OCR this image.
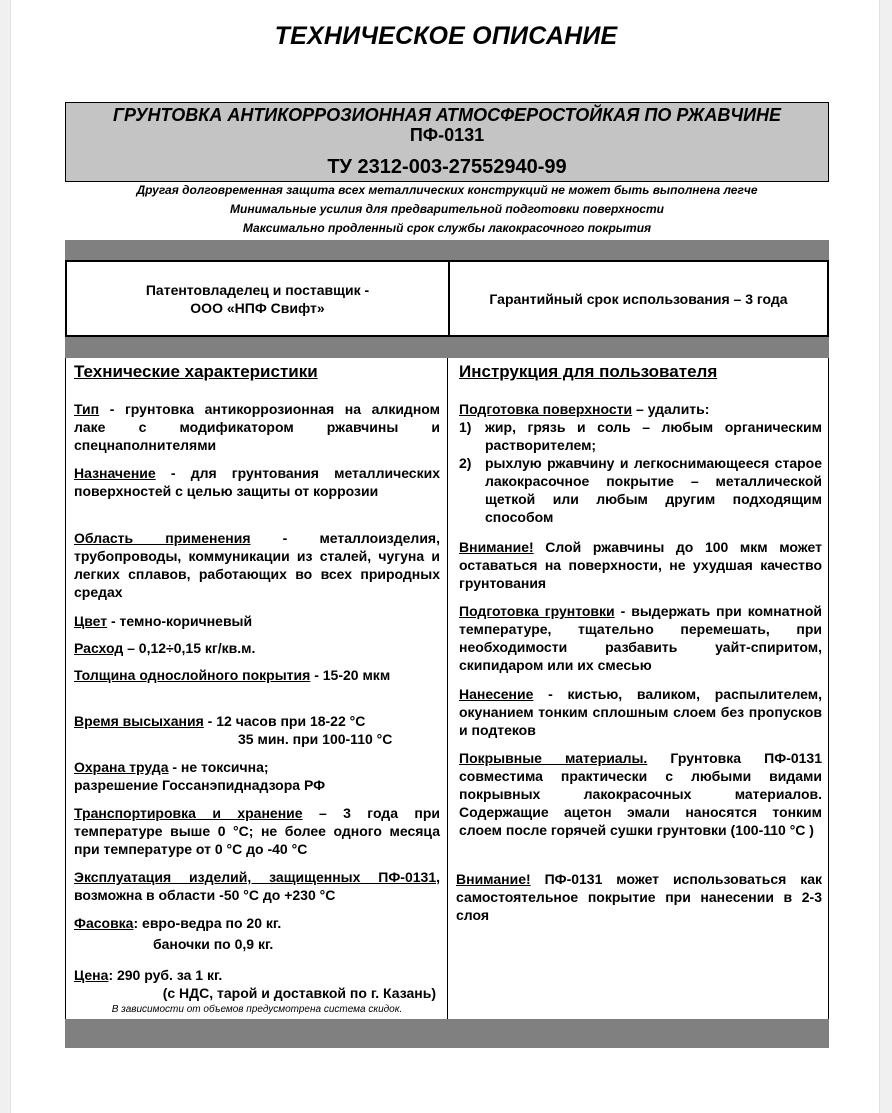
ТЕХНИЧЕСКОЕ ОПИСАНИЕ
ГРУНТОВКА АНТИКОРРОЗИОННАЯ АТМОСФЕРОСТОЙКАЯ ПО РЖАВЧИНЕ
ПФ-0131
ТУ 2312-003-27552940-99
Другая долговременная защита всех металлических конструкций не может быть выполнена легче
Минимальные усилия для предварительной подготовки поверхности
Максимально продленный срок службы лакокрасочного покрытия
Патентовладелец и поставщик -
ООО «НПФ Свифт»
Гарантийный срок использования – 3 года
Технические характеристики
Тип - грунтовка антикоррозионная на алкидном лаке с модификатором ржавчины и спецнаполнителями
Назначение - для грунтования металлических поверхностей с целью защиты от коррозии
Область применения - металлоизделия, трубопроводы, коммуникации из сталей, чугуна и легких сплавов, работающих во всех природных средах
Цвет - темно-коричневый
Расход – 0,12÷0,15 кг/кв.м.
Толщина однослойного покрытия - 15-20 мкм
Время высыхания - 12 часов при 18-22 °С
35 мин. при 100-110 °С
Охрана труда - не токсична;
разрешение Госсанэпиднадзора РФ
Транспортировка и хранение – 3 года при температуре выше 0 °С; не более одного месяца при температуре от 0 °С до -40 °С
Эксплуатация изделий, защищенных ПФ-0131, возможна в области -50 °С до +230 °С
Фасовка: евро-ведра по 20 кг.
баночки по 0,9 кг.
Цена: 290 руб. за 1 кг.
(с НДС, тарой и доставкой по г. Казань)
В зависимости от объемов предусмотрена система скидок.
Инструкция для пользователя
Подготовка поверхности – удалить:
1) жир, грязь и соль – любым органическим растворителем;
2) рыхлую ржавчину и легкоснимающееся старое лакокрасочное покрытие – металлической щеткой или любым другим подходящим способом
Внимание! Слой ржавчины до 100 мкм может оставаться на поверхности, не ухудшая качество грунтования
Подготовка грунтовки - выдержать при комнатной температуре, тщательно перемешать, при необходимости разбавить уайт-спиритом, скипидаром или их смесью
Нанесение - кистью, валиком, распылителем, окунанием тонким сплошным слоем без пропусков и подтеков
Покрывные материалы. Грунтовка ПФ-0131 совместима практически с любыми видами покрывных лакокрасочных материалов. Содержащие ацетон эмали наносятся тонким слоем после горячей сушки грунтовки (100-110 °С )
Внимание! ПФ-0131 может использоваться как самостоятельное покрытие при нанесении в 2-3 слоя
